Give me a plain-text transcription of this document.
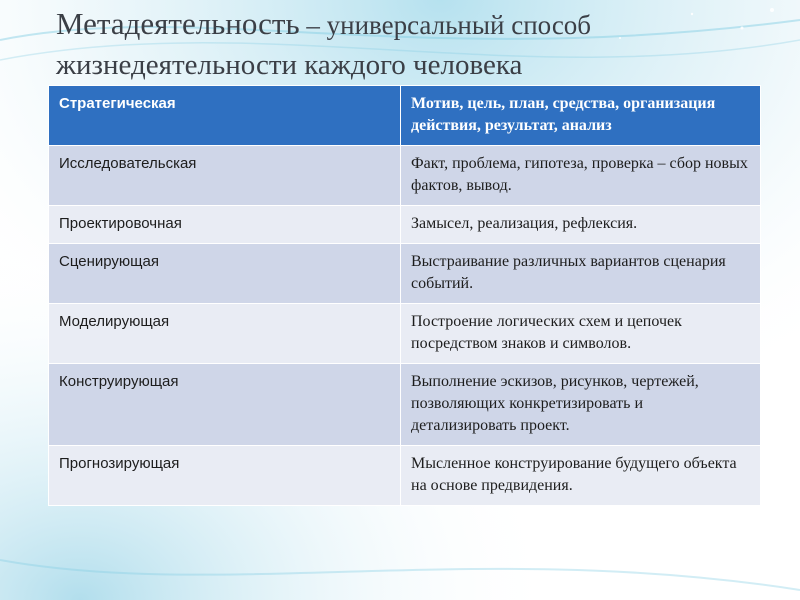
Метадеятельность – универсальный способ
жизнедеятельности каждого человека
Стратегическая	Мотив, цель, план, средства, организация действия, результат, анализ
Исследовательская	Факт, проблема, гипотеза, проверка – сбор новых фактов, вывод.
Проектировочная	Замысел, реализация, рефлексия.
Сценирующая	Выстраивание различных вариантов сценария событий.
Моделирующая	Построение логических схем и цепочек посредством знаков и символов.
Конструирующая	Выполнение эскизов, рисунков, чертежей, позволяющих конкретизировать и детализировать проект.
Прогнозирующая	Мысленное конструирование будущего объекта на основе предвидения.
